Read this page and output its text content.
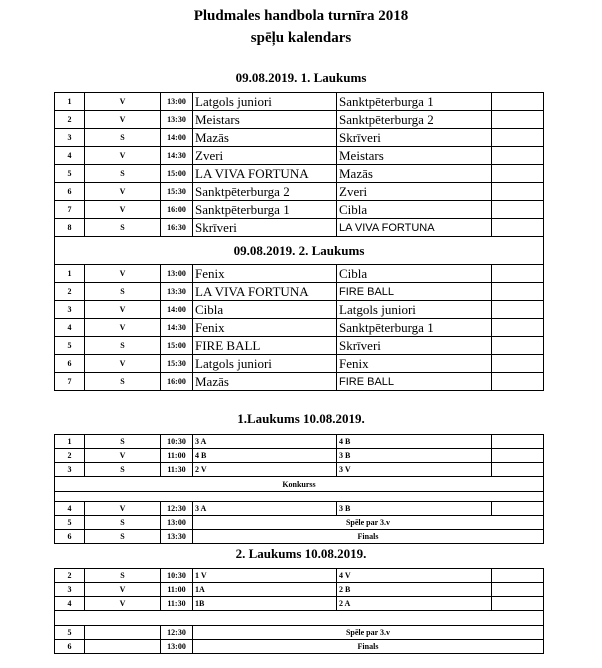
Pludmales handbola turnīra 2018
spēļu kalendars
09.08.2019. 1. Laukums
1	V	13:00	Latgols juniori	Sanktpēterburga 1	
2	V	13:30	Meistars	Sanktpēterburga 2	
3	S	14:00	Mazās	Skrīveri	
4	V	14:30	Zveri	Meistars	
5	S	15:00	LA VIVA FORTUNA	Mazās	
6	V	15:30	Sanktpēterburga 2	Zveri	
7	V	16:00	Sanktpēterburga 1	Cibla	
8	S	16:30	Skrīveri	LA VIVA FORTUNA	
09.08.2019. 2. Laukums					
1	V	13:00	Fenix	Cibla	
2	S	13:30	LA VIVA FORTUNA	FIRE BALL	
3	V	14:00	Cibla	Latgols juniori	
4	V	14:30	Fenix	Sanktpēterburga 1	
5	S	15:00	FIRE BALL	Skrīveri	
6	V	15:30	Latgols juniori	Fenix	
7	S	16:00	Mazās	FIRE BALL	
1.Laukums 10.08.2019.
1	S	10:30	3 A	4 B	
2	V	11:00	4 B	3 B	
3	S	11:30	2 V	3 V	
Konkurss					

4	V	12:30	3 A	3 B	
5	S	13:00	Spēle par 3.v		
6	S	13:30	Finals		
2. Laukums 10.08.2019.
2	S	10:30	1 V	4 V	
3	V	11:00	1A	2 B	
4	V	11:30	1B	2 A	

5		12:30	Spēle par 3.v		
6		13:00	Finals		
